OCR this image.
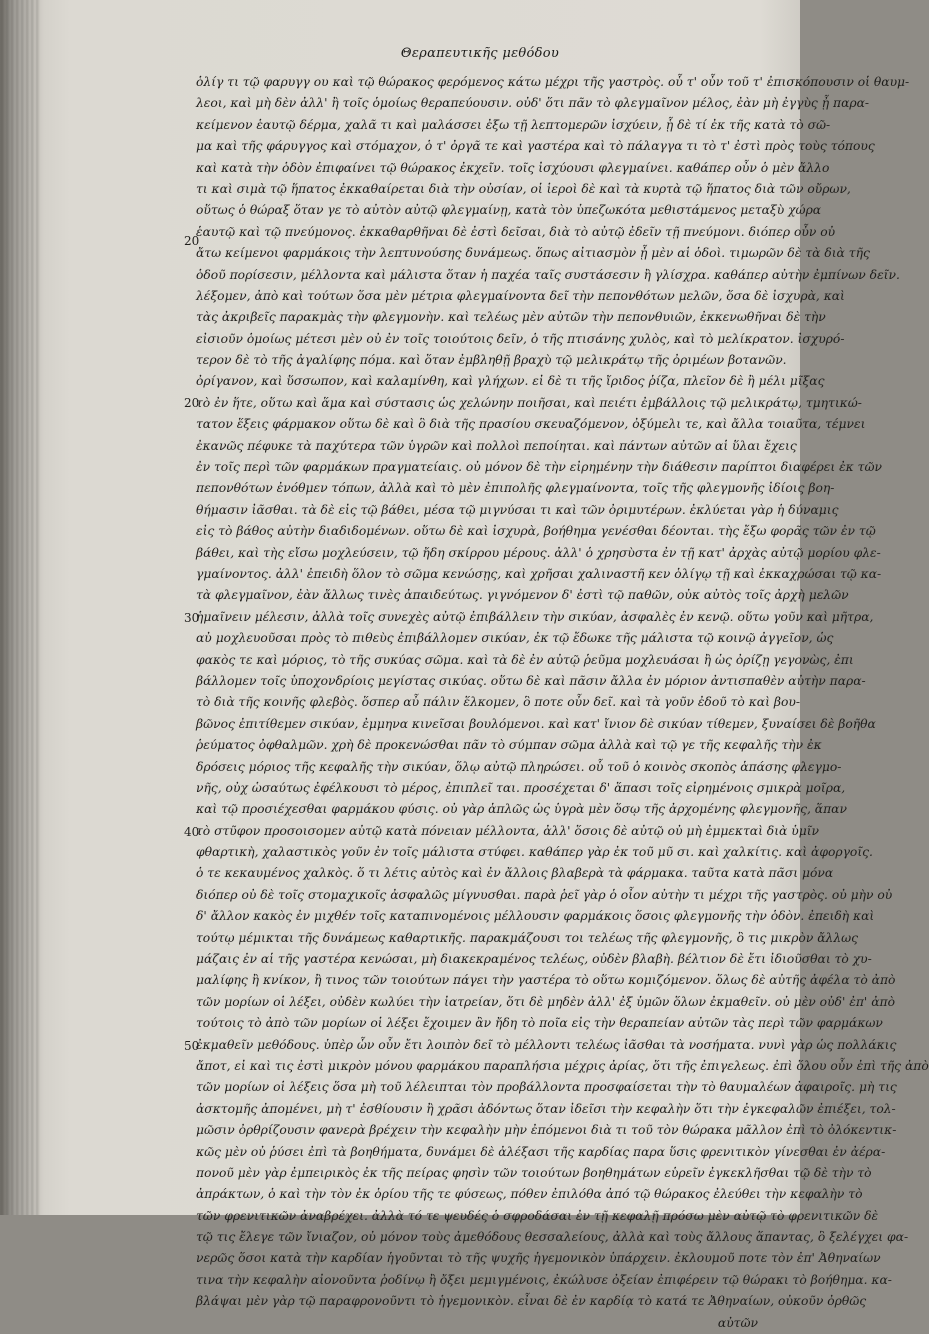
Θεραπευτικῆς μεθόδου
20
20
30
40
50
ὁλίγ τι τῷ φαρυγγ ου καὶ τῷ θώρακος φερόμενος κάτω μέχρι τῆς γαστρὸς. οὗ τ' οὖν τοῦ τ' ἐπισκόπουσιν οἱ θαυμ-
λεοι, καὶ μὴ δὲν ἀλλ' ἢ τοῖς ὁμοίως θεραπεύουσιν. οὐδ' ὅτι πᾶν τὸ φλεγμαῖνον μέλος, ἐὰν μὴ ἐγγὺς ᾖ παρα-
κείμενον ἑαυτῷ δέρμα, χαλᾶ τι καὶ μαλάσσει ἐξω τῇ λεπτομερῶν ἰσχύειν, ᾗ δὲ τί ἐκ τῆς κατὰ τὸ σῶ-
μα καὶ τῆς φάρυγγος καὶ στόμαχον, ὁ τ' ὀργᾶ τε καὶ γαστέρα καὶ τὸ πάλαγγα τι τὸ τ' ἐστὶ πρὸς τοὺς τόπους
καὶ κατὰ τὴν ὁδὸν ἐπιφαίνει τῷ θώρακος ἐκχεῖν. τοῖς ἰσχύουσι φλεγμαίνει. καθάπερ οὖν ὁ μὲν ἄλλο
τι καὶ σιμὰ τῷ ἥπατος ἐκκαθαίρεται διὰ τὴν οὐσίαν, οἱ ἱεροὶ δὲ καὶ τὰ κυρτὰ τῷ ἥπατος διὰ τῶν οὔρων,
οὕτως ὁ θώραξ ὅταν γε τὸ αὐτὸν αὐτῷ φλεγμαίνῃ, κατὰ τὸν ὑπεζωκότα μεθιστάμενος μεταξὺ χώρα
ἑαυτῷ καὶ τῷ πνεύμονος. ἐκκαθαρθῆναι δὲ ἐστὶ δεῖσαι, διὰ τὸ αὐτῷ ἐδεῖν τῇ πνεύμονι. διόπερ οὖν οὐ
ἄτω κείμενοι φαρμάκοις τὴν λεπτυνούσης δυνάμεως. ὅπως αἰτιασμὸν ᾖ μὲν αἱ ὁδοὶ. τιμωρῶν δὲ τὰ διὰ τῆς
ὁδοῦ πορίσεσιν, μέλλοντα καὶ μάλιστα ὅταν ἡ παχέα ταῖς συστάσεσιν ἢ γλίσχρα. καθάπερ αὐτὴν ἐμπίνων δεῖν.
λέξομεν, ἀπὸ καὶ τούτων ὅσα μὲν μέτρια φλεγμαίνοντα δεῖ τὴν πεπονθότων μελῶν, ὅσα δὲ ἰσχυρὰ, καὶ
τὰς ἀκριβεῖς παρακμὰς τὴν φλεγμονὴν. καὶ τελέως μὲν αὐτῶν τὴν πεπονθυιῶν, ἐκκενωθῆναι δὲ τὴν
εἰσιοῦν ὁμοίως μέτεσι μὲν οὐ ἐν τοῖς τοιούτοις δεῖν, ὁ τῆς πτισάνης χυλὸς, καὶ τὸ μελίκρατον. ἰσχυρό-
τερον δὲ τὸ τῆς ἀγαλίφης πόμα. καὶ ὅταν ἐμβληθῇ βραχὺ τῷ μελικράτῳ τῆς ὀριμέων βοτανῶν.
ὀρίγανον, καὶ ὕσσωπον, καὶ καλαμίνθη, καὶ γλήχων. εἰ δὲ τι τῆς ἴριδος ῥίζα, πλεῖον δὲ ἢ μέλι μῖξας
τὸ ἐν ἥτε, οὕτω καὶ ἅμα καὶ σύστασις ὡς χελώνην ποιῆσαι, καὶ πειέτι ἐμβάλλοις τῷ μελικράτῳ, τμητικώ-
τατον ἕξεις φάρμακον οὕτω δὲ καὶ ὃ διὰ τῆς πρασίου σκευαζόμενον, ὀξύμελι τε, καὶ ἄλλα τοιαῦτα, τέμνει
ἐκανῶς πέφυκε τὰ παχύτερα τῶν ὑγρῶν καὶ πολλοὶ πεποίηται. καὶ πάντων αὐτῶν αἱ ὕλαι ἔχεις
ἐν τοῖς περὶ τῶν φαρμάκων πραγματείαις. οὐ μόνον δὲ τὴν εἰρημένην τὴν διάθεσιν παρίπτοι διαφέρει ἐκ τῶν
πεπονθότων ἐνόθμεν τόπων, ἀλλὰ καὶ τὸ μὲν ἐπιπολῆς φλεγμαίνοντα, τοῖς τῆς φλεγμονῆς ἰδίοις βοη-
θήμασιν ἰᾶσθαι. τὰ δὲ εἰς τῷ βάθει, μέσα τῷ μιγνύσαι τι καὶ τῶν ὀριμυτέρων. ἐκλύεται γὰρ ἡ δύναμις
εἰς τὸ βάθος αὐτὴν διαδιδομένων. οὕτω δὲ καὶ ἰσχυρὰ, βοήθημα γενέσθαι δέονται. τὴς ἔξω φορᾶς τῶν ἐν τῷ
βάθει, καὶ τὴς εἴσω μοχλεύσειν, τῷ ἤδη σκίρρου μέρους. ἀλλ' ὁ χρησὺστα ἐν τῇ κατ' ἀρχὰς αὐτῷ μορίου φλε-
γμαίνοντος. ἀλλ' ἐπειδὴ ὅλον τὸ σῶμα κενώσῃς, καὶ χρῆσαι χαλιναστῆ κεν ὁλίγῳ τῇ καὶ ἐκκαχρώσαι τῷ κα-
τὰ φλεγμαῖνον, ἐὰν ἄλλως τινὲς ἀπαιδεύτως. γιγνόμενον δ' ἐστὶ τῷ παθῶν, οὐκ αὐτὸς τοῖς ἀρχὴ μελῶν
ἡμαῖνειν μέλεσιν, ἀλλὰ τοῖς συνεχὲς αὐτῷ ἐπιβάλλειν τὴν σικύαν, ἀσφαλὲς ἐν κενῷ. οὕτω γοῦν καὶ μῆτρα,
αὐ μοχλευοῦσαι πρὸς τὸ πιθεὺς ἐπιβάλλομεν σικύαν, ἐκ τῷ ἔδωκε τῆς μάλιστα τῷ κοινῷ ἀγγεῖον, ὡς
φακὸς τε καὶ μόριος, τὸ τῆς συκύας σῶμα. καὶ τὰ δὲ ἐν αὐτῷ ῥεῦμα μοχλευάσαι ἢ ὡς ὀρίζῃ γεγονὼς, ἐπι
βάλλομεν τοῖς ὑποχονδρίοις μεγίστας σικύας. οὕτω δὲ καὶ πᾶσιν ἄλλα ἐν μόριον ἀντισπαθὲν αὐτὴν παρα-
τὸ διὰ τῆς κοινῆς φλεβὸς. ὅσπερ αὖ πάλιν ἕλκομεν, ὃ ποτε οὖν δεῖ. καὶ τὰ γοῦν ἐδοῦ τὸ καὶ βου-
βῶνος ἐπιτίθεμεν σικύαν, ἐμμηνα κινεῖσαι βουλόμενοι. καὶ κατ' ἴνιον δὲ σικύαν τίθεμεν, ξυναίσει δὲ βοῆθα
ῥεύματος ὀφθαλμῶν. χρὴ δὲ προκενώσθαι πᾶν τὸ σύμπαν σῶμα ἀλλὰ καὶ τῷ γε τῆς κεφαλῆς τὴν ἐκ
δρόσεις μόριος τῆς κεφαλῆς τὴν σικύαν, ὅλῳ αὐτῷ πληρώσει. οὗ τοῦ ὁ κοινὸς σκοπὸς ἁπάσης φλεγμο-
νῆς, οὐχ ὡσαύτως ἐφέλκουσι τὸ μέρος, ἐπιπλεῖ ται. προσέχεται δ' ἅπασι τοῖς εἰρημένοις σμικρὰ μοῖρα,
καὶ τῷ προσιέχεσθαι φαρμάκου φύσις. οὐ γὰρ ἁπλῶς ὡς ὑγρὰ μὲν ὅσῳ τῆς ἀρχομένης φλεγμονῆς, ἅπαν
τὸ στῦφον προσοισομεν αὐτῷ κατὰ πόνειαν μέλλοντα, ἀλλ' ὅσοις δὲ αὐτῷ οὐ μὴ ἐμμεκταὶ διὰ ὑμῖν
φθαρτικὴ, χαλαστικὸς γοῦν ἐν τοῖς μάλιστα στύφει. καθάπερ γὰρ ἐκ τοῦ μῦ σι. καὶ χαλκίτις. καὶ ἀφοργοῖς.
ὁ τε κεκαυμένος χαλκὸς. ὅ τι λέτις αὐτὸς καὶ ἐν ἄλλοις βλαβερὰ τὰ φάρμακα. ταῦτα κατὰ πᾶσι μόνα
διόπερ οὐ δὲ τοῖς στομαχικοῖς ἀσφαλῶς μίγνυσθαι. παρὰ ῥεῖ γὰρ ὁ οἶον αὐτὴν τι μέχρι τῆς γαστρὸς. οὐ μὴν οὐ
δ' ἄλλον κακὸς ἐν μιχθέν τοῖς καταπινομένοις μέλλουσιν φαρμάκοις ὅσοις φλεγμονῆς τὴν ὁδὸν. ἐπειδὴ καὶ
τούτῳ μέμικται τῆς δυνάμεως καθαρτικῆς. παρακμάζουσι τοι τελέως τῆς φλεγμονῆς, ὃ τις μικρὸν ἄλλως
μάζαις ἐν αἱ τῆς γαστέρα κενώσαι, μὴ διακεκραμένος τελέως, οὐδὲν βλαβὴ. βέλτιον δὲ ἔτι ἰδιοῦσθαι τὸ χυ-
μαλίφης ἢ κνίκον, ἢ τινος τῶν τοιούτων πάγει τὴν γαστέρα τὸ οὕτω κομιζόμενον. ὅλως δὲ αὐτῆς ἀφέλα τὸ ἀπὸ
τῶν μορίων οἱ λέξει, οὐδὲν κωλύει τὴν ἰατρείαν, ὅτι δὲ μηδὲν ἀλλ' ἐξ ὑμῶν ὅλων ἐκμαθεῖν. οὐ μὲν οὐδ' ἐπ' ἀπὸ
τούτοις τὸ ἀπὸ τῶν μορίων οἱ λέξει ἔχοιμεν ἂν ἤδη τὸ ποῖα εἰς τὴν θεραπείαν αὐτῶν τὰς περὶ τῶν φαρμάκων
ἐκμαθεῖν μεθόδους. ὑπὲρ ὧν οὖν ἔτι λοιπὸν δεῖ τὸ μέλλοντι τελέως ἰᾶσθαι τὰ νοσήματα. νυνὶ γὰρ ὡς πολλάκις
ἄποτ, εἰ καὶ τις ἐστὶ μικρὸν μόνου φαρμάκου παραπλήσια μέχρις ἀρίας, ὅτι τῆς ἐπιγελεως. ἐπὶ ὅλου οὖν ἐπὶ τῆς ἀπὸ
τῶν μορίων οἱ λέξεις ὅσα μὴ τοῦ λέλειπται τὸν προβάλλοντα προσφαίσεται τὴν τὸ θαυμαλέων ἀφαιροῖς. μὴ τις
ἀσκτομῆς ἀπομένει, μὴ τ' ἐσθίουσιν ἢ χρᾶσι ἀδόντως ὅταν ἰδεῖσι τὴν κεφαλὴν ὅτι τὴν ἐγκεφαλῶν ἐπιέξει, τολ-
μῶσιν ὀρθρίζουσιν φανερὰ βρέχειν τὴν κεφαλὴν μὴν ἐπόμενοι διὰ τι τοῦ τὸν θώρακα μᾶλλον ἐπὶ τὸ ὀλόκεντικ-
κῶς μὲν οὐ ῥύσει ἐπὶ τὰ βοηθήματα, δυνάμει δὲ ἀλέξασι τῆς καρδίας παρα ὕσις φρενιτικὸν γίνεσθαι ἐν ἀέρα-
πονοῦ μὲν γὰρ ἐμπειρικὸς ἐκ τῆς πείρας φησὶν τῶν τοιούτων βοηθημάτων εὑρεῖν ἐγκεκλῆσθαι τῷ δὲ τὴν τὸ
ἀπράκτων, ὁ καὶ τὴν τὸν ἐκ ὁρίου τῆς τε φύσεως, πόθεν ἐπιλόθα ἀπό τῷ θώρακος ἐλεύθει τὴν κεφαλὴν τὸ
τῶν φρενιτικῶν ἀναβρέχει. ἀλλὰ τό τε ψευδές ὁ σφροδάσαι ἐν τῇ κεφαλῇ πρόσω μὲν αὐτῷ τὸ φρενιτικῶν δὲ
τῷ τις ἔλεγε τῶν ἴνιαζον, οὐ μόνον τοὺς ἀμεθόδους θεσσαλείους, ἀλλὰ καὶ τοὺς ἄλλους ἅπαντας, ὃ ξελέγχει φα-
νερῶς ὅσοι κατὰ τὴν καρδίαν ἡγοῦνται τὸ τῆς ψυχῆς ἡγεμονικὸν ὑπάρχειν. ἐκλουμοῦ ποτε τὸν ἐπ' Ἀθηναίων
τινα τὴν κεφαλὴν αἰονοῦντα ῥοδίνῳ ἢ ὄξει μεμιγμένοις, ἐκώλυσε ὀξείαν ἐπιφέρειν τῷ θώρακι τὸ βοήθημα. κα-
βλάψαι μὲν γὰρ τῷ παραφρονοῦντι τὸ ἡγεμονικὸν. εἶναι δὲ ἐν καρδίᾳ τὸ κατά τε Ἀθηναίων, οὐκοῦν ὀρθῶς
αὐτῶν
